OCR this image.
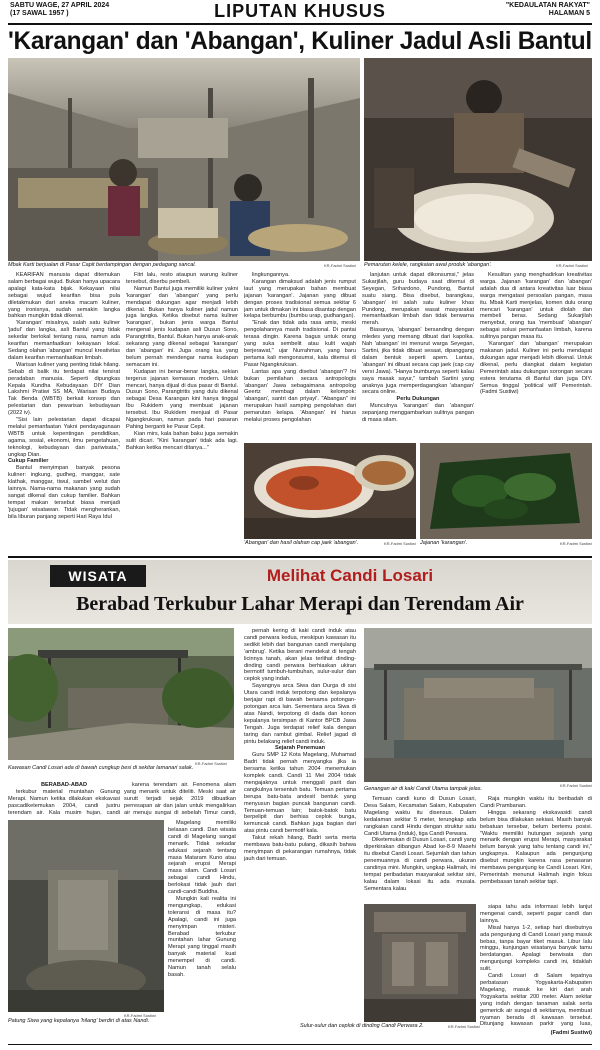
SABTU WAGE, 27 APRIL 2024
(17 SAWAL 1957 )	LIPUTAN KHUSUS	"KEDAULATAN RAKYAT"
HALAMAN 5
'Karangan' dan 'Abangan', Kuliner Jadul Asli Bantul
Mbak Karti berjualan di Pasar Capit berdampingan dengan pedagang sancal.	KR-Fadmi Sustiwi Pemarutan kelele, rangkaian awal produk 'abangan'.	KR-Fadmi Sustiwi

KEARIFAN manusia dapat ditemukan salam berbagai wujud. Bukan hanya upacara apalagi kata-kata bijak. Kekayaan nilai sebagai wujud kearifan bisa pula diletakmukan dari aneka macam kuliner, yang ironisnya, sudah semakin langka bahkan mungkin tidak dikenal.

'Karangan' misalnya, salah satu kuliner 'jadul' dan langka, asli Bantul yang tidak sekedar berlokal tentang rasa, namun ada kearifan memanfaatkan kekayaan lokal. Sedang olahan 'abangan' muncul kreativitas dalam kearifan memanfaatkan limbah.

Warisan kuliner yang penting tidak hilang. Sebab di balik itu terdapat nilai tersirat peradaban manusia. Seperti dipungkas Kepala Kundha Kebudayaan DIY Dian Lakshmi Pratiwi SS MA, Warisan Budaya Tak Benda (WBTB) berkait konsep dan pelestarian dan pewarisan kebudayaan (2022 iv).

"Sisi lain pelestarian dapat dicapai melalui pemanfaatan Yakni pendayagunaan WBTB untuk kepentingan pendidikan, agama, sosial, ekonomi, ilmu pengetahuan, teknologi, kebudayaan dan pariwisata," ungkap Dian.

Cukup Familier

Bantul menyimpan banyak pesona kuliner: ingkung, gudheg, manggar, sate klathak, manggar, tiwul, sambel welut dan lainnya. Nama-nama makanan yang sudah sangat dikenal dan cukup familier. Bahkan tempat makan tersebut biasa menjadi 'jujugan' wisatawan. Tidak mengherankan, bila liburan panjang seperti Hari Raya Idul

Fitri lalu, resto ataupun warung kuliner tersebut, diserbu pembeli.

Namun Bantul juga memiliki kuliner yakni 'karangan' dan 'abangan' yang perlu mendapat dukungan agar menjadi lebih dikenal. Bukan hanya kuliner jadul namun juga langka. Ketika disebut nama kuliner 'karangan', bukan jenis warga Bantul mengenal jenis kudapan asli Dusun Sono, Parangtritis, Bantul. Bukan hanya anak-anak sekarang yang dikenal sebagai 'karangan' dan 'abangan' ini. Juga orang tua yang belum pernah mendengar nama kudapan semacam ini.

Kudapan ini benar-benar langka, sekian tergerus jajanan kemasan modern. Untuk mencari, hanya dijual di dua pasar di Bantul. Dusun Sono, Parangtritis yang dulu dikenal sebagai Desa Karangan kini hanya tinggal Ibu Rukidem yang membuat jajanan tersebut. Ibu Rukidem menjual di Pasar Ngangkruksan, namun pada hari pasaran Pahing berganti ke Pasar Cepit.

Kian mirs, kala bahan baku juga semakin sulit dicari. "Kini 'karangan' tidak ada lagi. Bahkan ketika mencari ditanya..."

lingkungannya.

Karangan dimaksud adalah jenis rumput laut yang merupakan bahan membuat jajanan 'karangan'. Jajanan yang dibuat dengan proses tradisional semua sekitar 6 jam untuk dimakan ini biasa disantap dengan kelapa berbumbu (bumbu urap, gudhangan).

"Enak dan tidak ada rasa amis, meski pengolahannya masih tradisional. Di pantai terasa dingin. Karena bagus untuk orang yang suka sembelit atau kulit wajah berjerawat," ujar Nurrahman, yang baru pertama kali mengonsumsi, kala ditemui di Pasar Ngangkruksan.

Lantas apa yang disebut 'abangan'? Ini bukan pemilahan secara antropologis 'abangan' Jawa sebagaimana antropolog Geertz membagi dalam kelompok: 'abangan', santri dan priyayi'. "Abangan" ini merupakan hasil samping pengolahan dari pemarutan kelapa. 'Abangan' ini harus melalui proses pengolahan

lanjutan untuk dapat dikonsumsi," jelas Sukarjilah, guru budaya saat ditemui di Seyegan, Srihardono, Pundong, Bantul suatu siang. Bisa disebut, barangkau, 'abangan' ini salah satu kuliner khas Pundong, merupakan wasat masyarakat memanfaatkan limbah dan tidak berwarna merah.

Biasanya, 'abangan' bersanding dengan mledes yang memang dibuat dari kapolka. Nah 'abangan' ini menurut warga Seyegan, Sartini, jika tidak dibuat sesaat, dipanggang dalam bentuk seperti apem. Lantas, 'abangan' ini dibuat secara cap jaek (cap cay versi Jawa). "Hanya bumbunya seperti kalau saya masak sayur," tambah Sartini yang anaknya juga memperdagangkan 'abangan' secara online.

Perlu Dukungan

Munculnya 'karangan' dan 'abangan' sepanjang menggambarkan sulitnya pangan di masa silam.

Kesulitan yang menghadirkan kreativitas warga. Jajanan 'karangan' dan 'abangan' adalah dua di antara kreativitas luar biasa warga mengatasi persoalan pangan, masa itu. Mbak Karti menjelas, komen dulu orang mencari 'karangan' untuk diolah dan membeli beras. Sedang Sukarjilah menyebut, orang tua 'membuat' 'abangan' sebagai solusi pemanfaatan limbah, karena sulitnya pangan masa itu.

'Karangan' dan 'abangan' merupakan makanan jadul. Kuliner ini perlu mendapat dukungan agar menjadi lebih dikenal. Untuk dikenal, perlu diangkat dalam kegiatan Pemerintah atau dukungan sorongan secara estera terutama di Bantul dan juga DIY. Semua tinggal 'political will' Pemerintah. (Fadmi Sustiwi)

'Abangan' dan hasil olahan cap jaek 'abangan'.	KR-Fadmi Sustiwi Jajanan 'karangan'.	KR-Fadmi Sustiwi
WISATA	Melihat Candi Losari
Berabad Terkubur Lahar Merapi dan Terendam Air
KR-Fadmi Sustiwi
Kawasan Candi Losari ada di bawah cungkup besi di sekitar lamanari salak.
KR-Fadmi Sustiwi
Genangan air di kaki Candi Utama tampak jelas.

BERABAD-ABAD

terkubur material muntahan Gunung Merapi. Namun ketika dilakukan ekskavasi pascadiketemukan 2004, candi justru terendam air. Kala musim hujan, candi

karena terendam air. Fenomena alam yang menarik untuk diteliti. Meski saat air surutt terjadi sejak 2019 dibuatkan perresapan air dan jalan untuk mengalirkan air menuju sungai di sebelah Timur candi,

KR-Fadmi Sustiwi
Patung Siwa yang kepalanya 'hilang' berdiri di atas Nandi.

Magelang memiliki belasan candi. Dan wisata candi di Magelang sangat menarik. Tidak sekadar edukasi sejarah tentang masa Mataram Kuno atau sejarah erupsi Merapi masa silam. Candi Losari sebagai candi Hindu, berlokasi tidak jauh dari candi-candi Buddha.

Mungkin kali realita ini mengungkap, edukasi toleransi di masa itu? Apalagi, candi ini juga menyimpan misteri. Berabad terkubur muntahan lahar Gunung Merapi yang tinggal masih banyak material kuat menempel di candi. Namun tanah selalu basah.

pernah kering di kaki candi induk atau candi perwara kedua, meskipun kawasan itu sedikit lebih dari bangunan candi menjulang 'ambrug'. Ketika berani mendekat di tengah licinnya tanah, akan jelas terlihat dinding-dinding candi perwara berhiaskan ukiran bermotif tumbuh-tumbuhan, sulur-sulur dan ceplok yang indah.

Sayangnya arca Siwa dan Durga di sisi Utara candi induk terpotong dan kepalanya berjajar rapi di bawah bersama potongan-potongan arca lain. Sementara arca Siwa di atas Nandi, terpotong di dada dan konon kepalanya tersimpan di Kantor BPCB Jawa Tengah. Juga terdapat relief kala dengan taring dan rambut gimbal. Relief jagad di pintu belakang relief candi induk.

Sejarah Penemuan

Guru SMP 12 Kota Magelang, Muhamad Badri tidak pernah menyangka jika ia bersama ketika tahun 2004 menemukan komplek candi. Candi 11 Mei 2004 tidak mengajaknya untuk menggali parit dan cangkulnya tersentuh batu. Temuan pertama berupa batu-bata andesit bentuk yang menyusun bagian puncak bangunan candi. Temuan-temuan lain; batok-batok batu berpelipit dan berhias ceplok bunga, kemuncak candi. Bahkan juga bagian dari atas pintu candi bermotif kala.

Takut rekah hilang, Badri serta merta membawa batu-batu pulang, dikasih bahwa menyimpan di pekarangan rumahnya, tidak jauh dari temuan.

Temuan candi kuno di Dusun Losari, Desa Salam, Kecamatan Salam, Kabupaten Magelang waktu itu disensus. Dalam kedalaman sekitar 5 meter, terungkap ada rangkaian candi Hindu dengan struktur satu Candi Utama (Induk), tiga Candi Perwara.

Diketemukan di Dusun Losari, candi yang diperkirakan dibangun Abad ke-8-9 Masehi itu disebut Candi Losari. Sejumlah dan tahun penemuannya di candi perwara, ukuran candinya mini. Mungkin, ungkap Halimah, ini tempat peribadatan masyarakat sekitar sini, kalau dalam lokasi itu ada musala. Sementara kalau

Raja mungkin waktu itu beribadah di Candi Prambanan.

Hingga sekarang ekskavasidi candi belum bisa dilakukan sekiasi. Masih banyak bebatuan tersebar, belum bertemu posisi. "Waktu memiliki hutungan sejarah yang menarik dengan erupsi Merapi, masyarakat belum banyak yang tahu tentang candi ini," ungkapnya. Kalaupun ada pengunjung disebut mungkin karena rasa penasaran membawa pengunjung ke Candi Losari. Kini, Pemerintah menunut Halimah ingin fokus pembebasan tanah sekitar tapi.

Sulur-sulur dan ceplok di dinding Candi Perwara 2.	KR-Fadmi Sustiwi

siapa tahu ada informasi lebih lanjut mengenai candi, seperti pagar candi dan lainnya.

Misal hanya 1-2, setiap hari disebutnya ada pengunjung di Candi Losari yang masuk bebas, tanpa bayar tiket masuk. Libur lalu minggu, kunjungan wisatanya banyak tamu berdatangan. Apalagi berwisata dan mengunjungi kompleks candi ini, tidaklah sulit.

Candi Losari di Salam tepatnya perbatasan Yogyakarta-Kabupaten Magelang, masuk ke kiri dari arah Yogyakarta sekitar 200 meter. Alam sekitar yang indah dengan tanaman salak serta gemericik air sungai di sekitarnya, membuat nyaman berada di kawasan tersebut. Ditunjang kawasan parkir yang luas,

(Fadmi Sustiwi)
